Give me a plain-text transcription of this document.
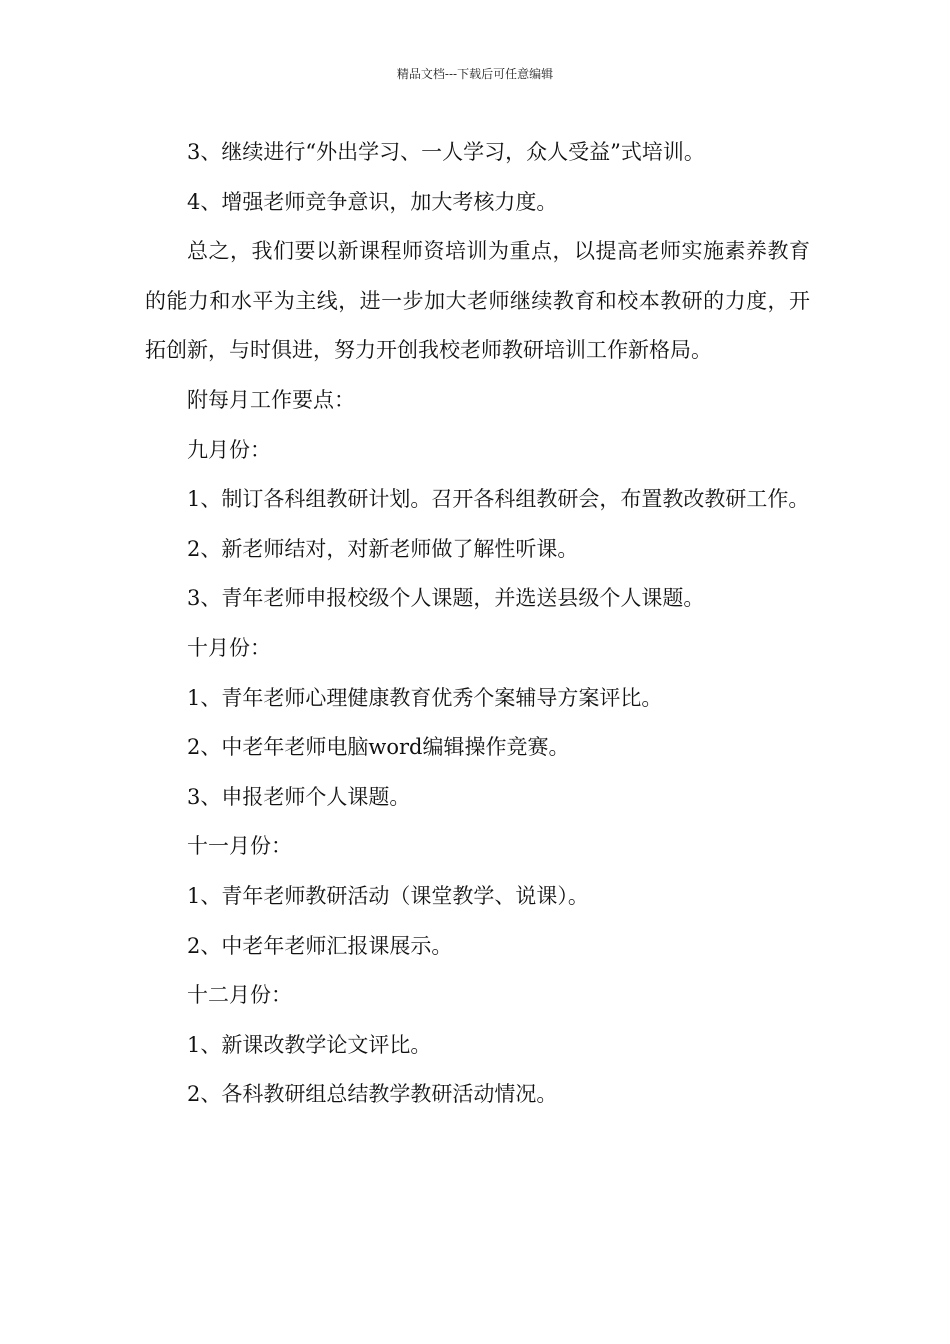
精品文档---下载后可任意编辑

3、继续进行“外出学习、一人学习，众人受益”式培训。

4、增强老师竞争意识，加大考核力度。

总之，我们要以新课程师资培训为重点，以提高老师实施素养教育的能力和水平为主线，进一步加大老师继续教育和校本教研的力度，开拓创新，与时俱进，努力开创我校老师教研培训工作新格局。

附每月工作要点：

九月份：

1、制订各科组教研计划。召开各科组教研会，布置教改教研工作。

2、新老师结对，对新老师做了解性听课。

3、青年老师申报校级个人课题，并选送县级个人课题。

十月份：

1、青年老师心理健康教育优秀个案辅导方案评比。

2、中老年老师电脑word编辑操作竞赛。

3、申报老师个人课题。

十一月份：

1、青年老师教研活动（课堂教学、说课）。

2、中老年老师汇报课展示。

十二月份：

1、新课改教学论文评比。

2、各科教研组总结教学教研活动情况。
